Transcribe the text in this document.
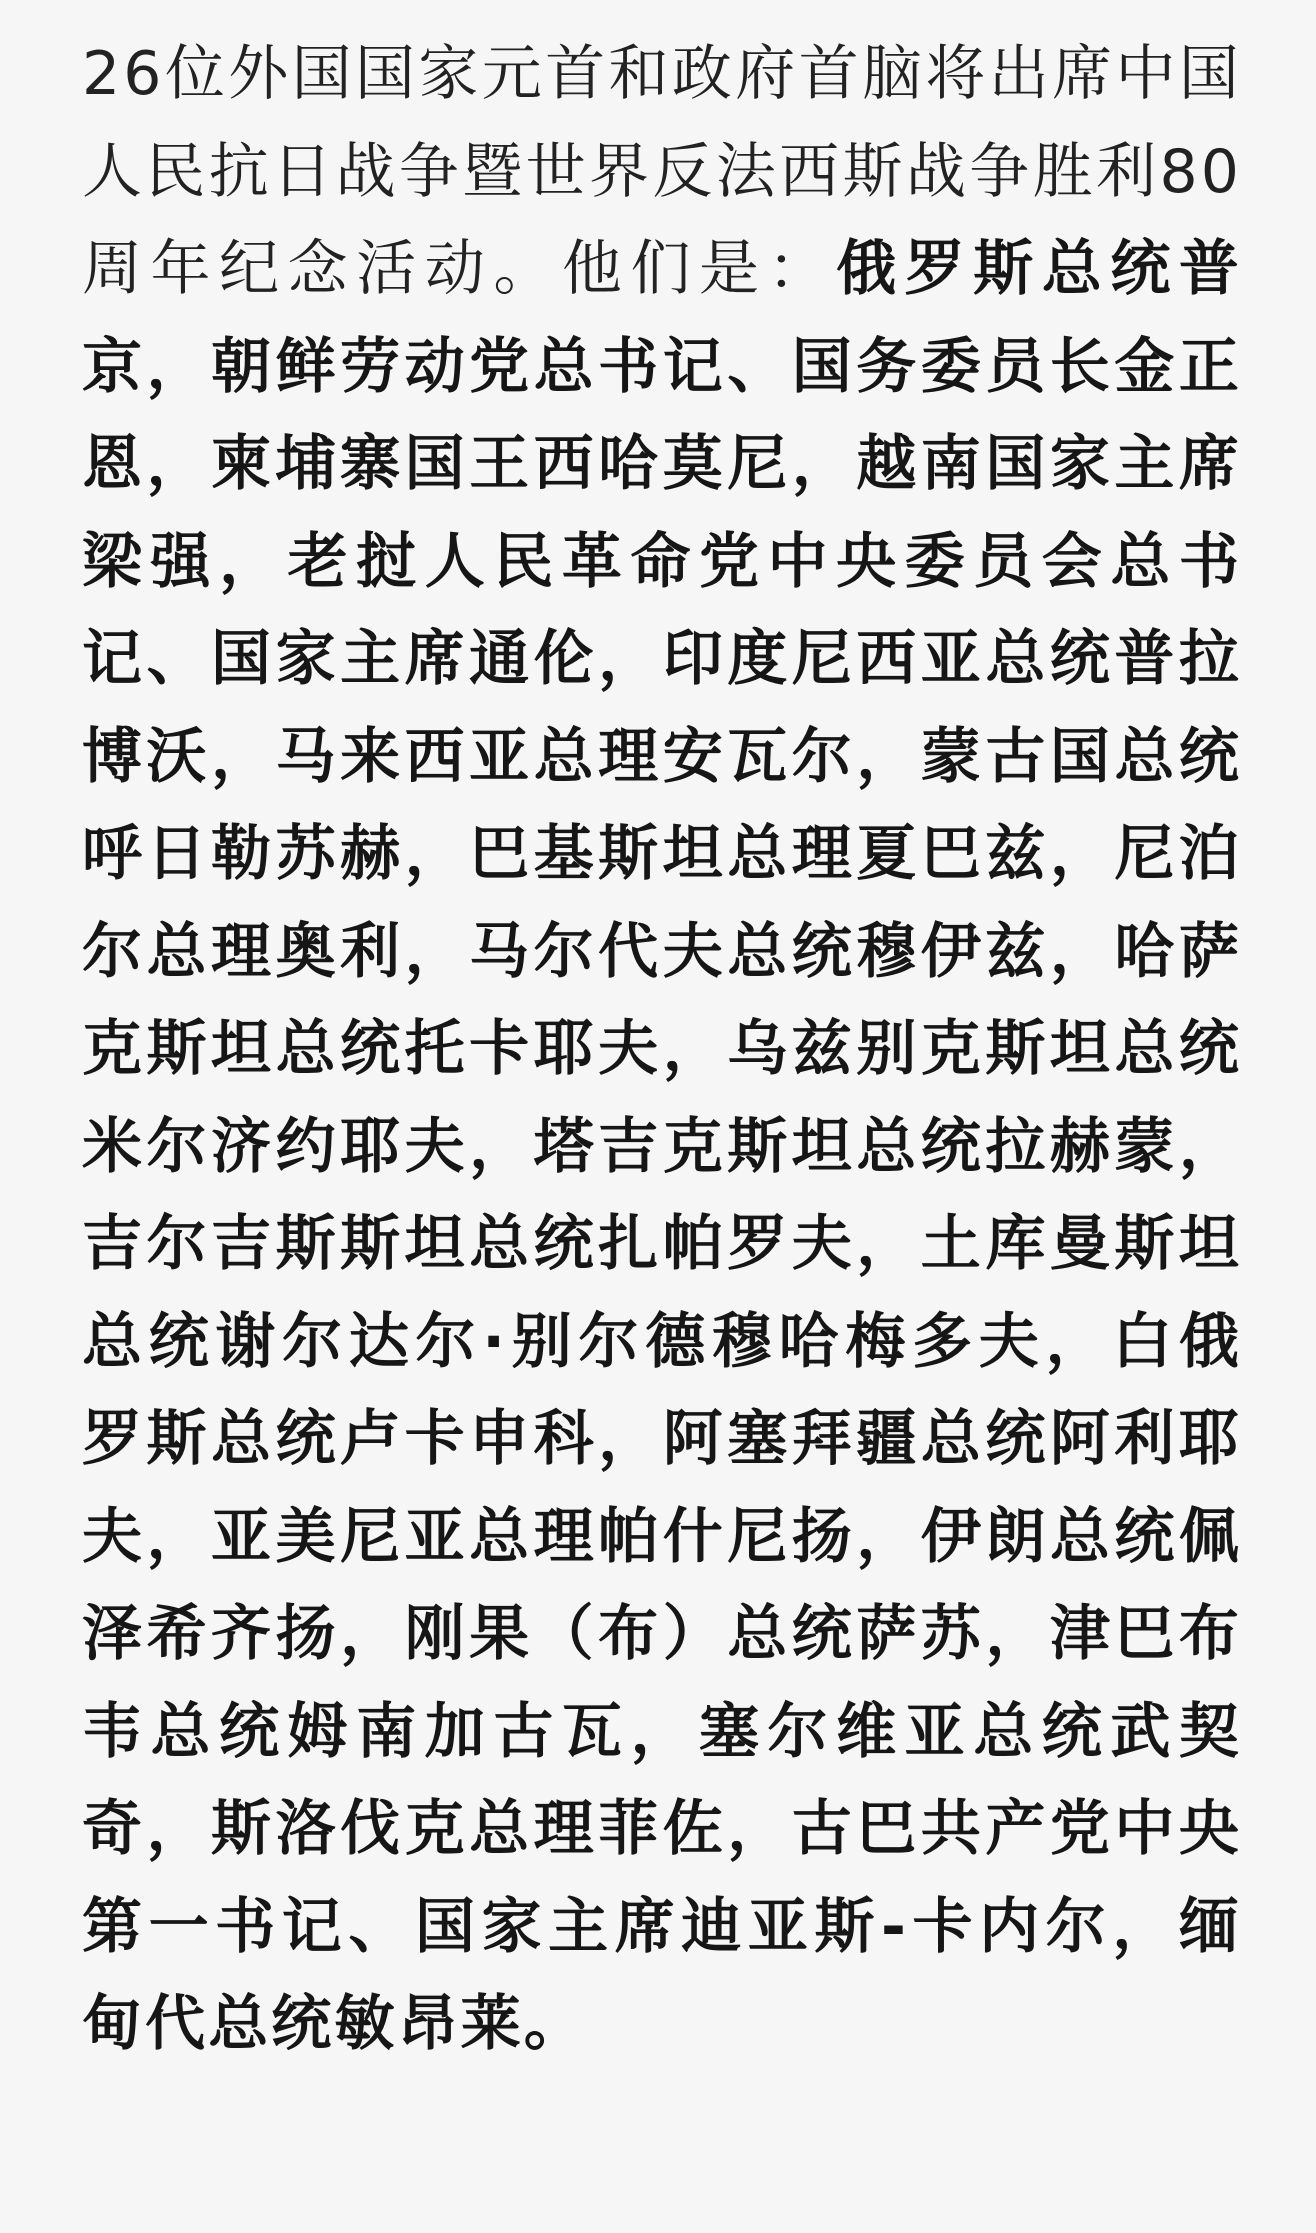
26位外国国家元首和政府首脑将出席中国人民抗日战争暨世界反法西斯战争胜利80周年纪念活动。他们是：俄罗斯总统普京，朝鲜劳动党总书记、国务委员长金正恩，柬埔寨国王西哈莫尼，越南国家主席梁强，老挝人民革命党中央委员会总书记、国家主席通伦，印度尼西亚总统普拉博沃，马来西亚总理安瓦尔，蒙古国总统呼日勒苏赫，巴基斯坦总理夏巴兹，尼泊尔总理奥利，马尔代夫总统穆伊兹，哈萨克斯坦总统托卡耶夫，乌兹别克斯坦总统米尔济约耶夫，塔吉克斯坦总统拉赫蒙，吉尔吉斯斯坦总统扎帕罗夫，土库曼斯坦总统谢尔达尔·别尔德穆哈梅多夫，白俄罗斯总统卢卡申科，阿塞拜疆总统阿利耶夫，亚美尼亚总理帕什尼扬，伊朗总统佩泽希齐扬，刚果（布）总统萨苏，津巴布韦总统姆南加古瓦，塞尔维亚总统武契奇，斯洛伐克总理菲佐，古巴共产党中央第一书记、国家主席迪亚斯-卡内尔，缅甸代总统敏昂莱。
